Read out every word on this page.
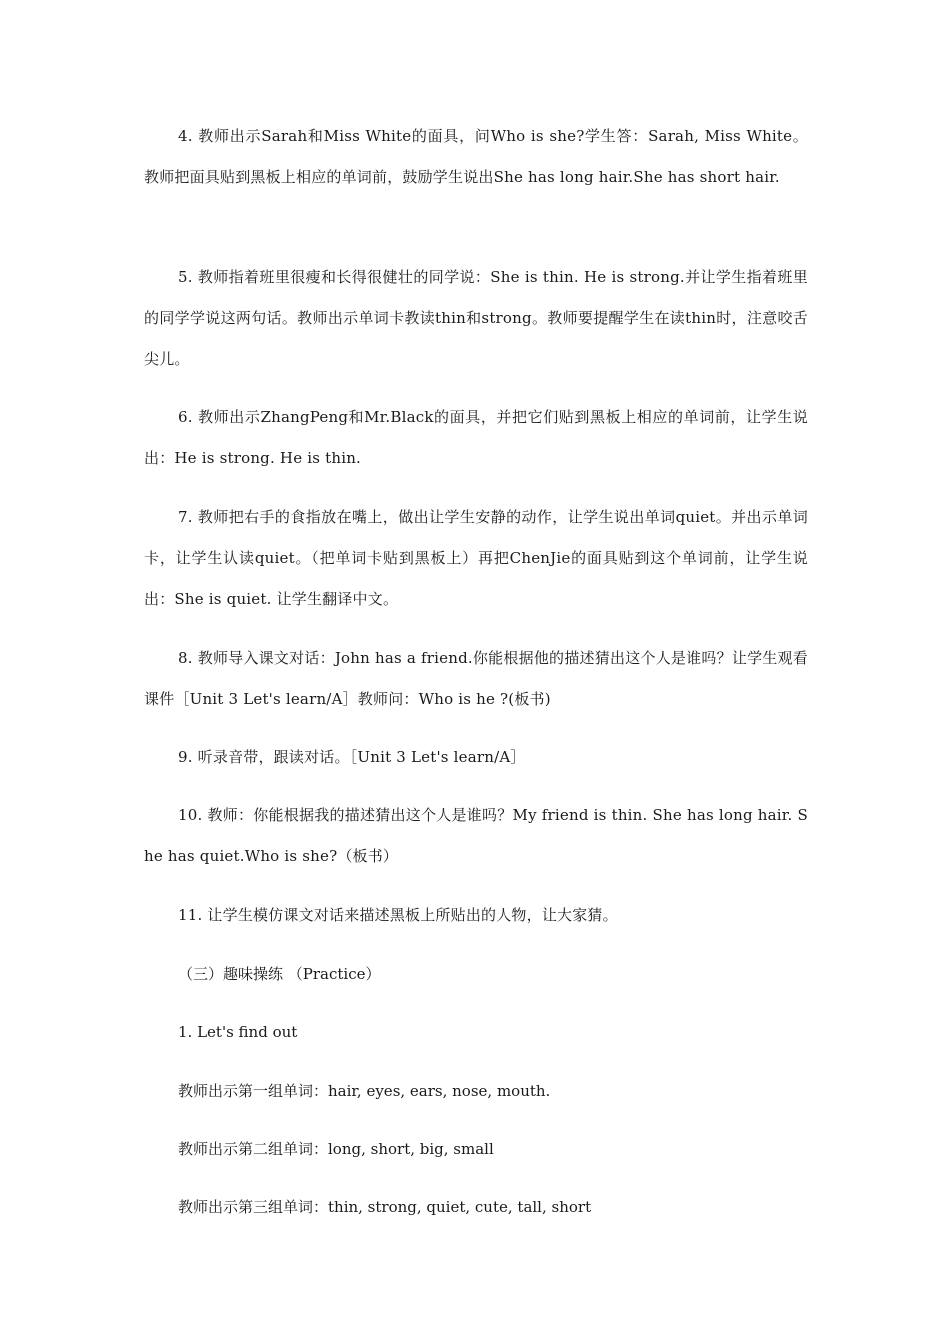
4. 教师出示Sarah和Miss White的面具，问Who is she?学生答：Sarah, Miss White。教师把面具贴到黑板上相应的单词前，鼓励学生说出She has long hair.She has short hair.

5. 教师指着班里很瘦和长得很健壮的同学说：She is thin. He is strong.并让学生指着班里的同学学说这两句话。教师出示单词卡教读thin和strong。教师要提醒学生在读thin时，注意咬舌尖儿。

6. 教师出示ZhangPeng和Mr.Black的面具，并把它们贴到黑板上相应的单词前，让学生说出：He is strong. He is thin.

7. 教师把右手的食指放在嘴上，做出让学生安静的动作，让学生说出单词quiet。并出示单词卡，让学生认读quiet。（把单词卡贴到黑板上）再把ChenJie的面具贴到这个单词前，让学生说出：She is quiet. 让学生翻译中文。

8. 教师导入课文对话：John has a friend.你能根据他的描述猜出这个人是谁吗？让学生观看课件［Unit 3 Let's learn/A］教师问：Who is he ?(板书)

9. 听录音带，跟读对话。［Unit 3 Let's learn/A］

10. 教师：你能根据我的描述猜出这个人是谁吗？My friend is thin. She has long hair. She has quiet.Who is she?（板书）

11. 让学生模仿课文对话来描述黑板上所贴出的人物，让大家猜。

（三）趣味操练 （Practice）

1. Let's find out

教师出示第一组单词：hair, eyes, ears, nose, mouth.

教师出示第二组单词：long, short, big, small

教师出示第三组单词：thin, strong, quiet, cute, tall, short
